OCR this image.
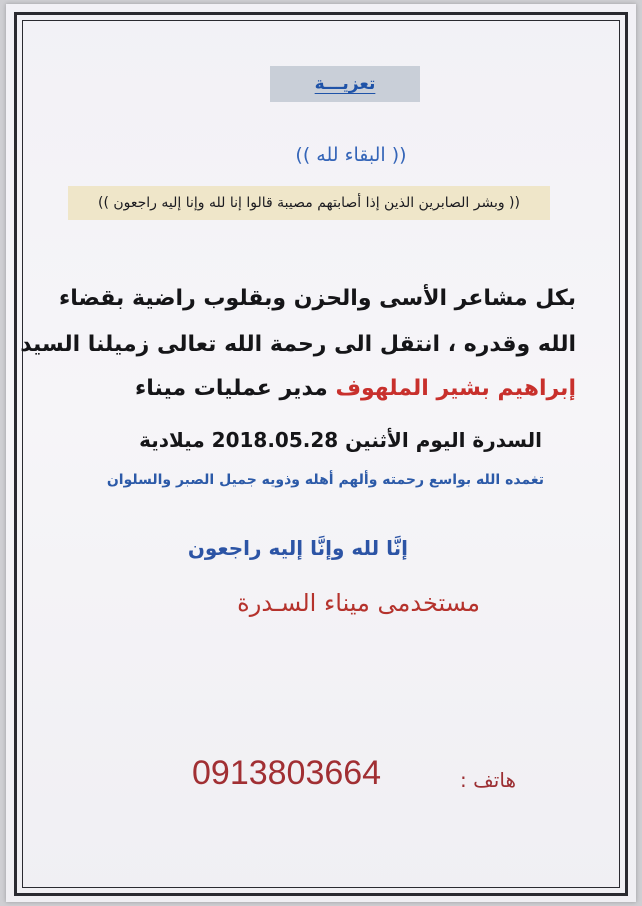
تعزيـــة
(( البقاء لله ))
(( وبشر الصابرين الذين إذا أصابتهم مصيبة قالوا إنا لله وإنا إليه راجعون ))
بكل مشاعر الأسى والحزن وبقلوب راضية بقضاء
الله وقدره ، انتقل الى رحمة الله تعالى زميلنا السيد
إبراهيم بشير الملهوف مدير عمليات ميناء
السدرة اليوم الأثنين 2018.05.28 ميلادية
تغمده الله بواسع رحمته وألهم أهله وذويه جميل الصبر والسلوان
إنَّا لله وإنَّا إليه راجعون
مستخدمى ميناء السـدرة
هاتف :
0913803664
